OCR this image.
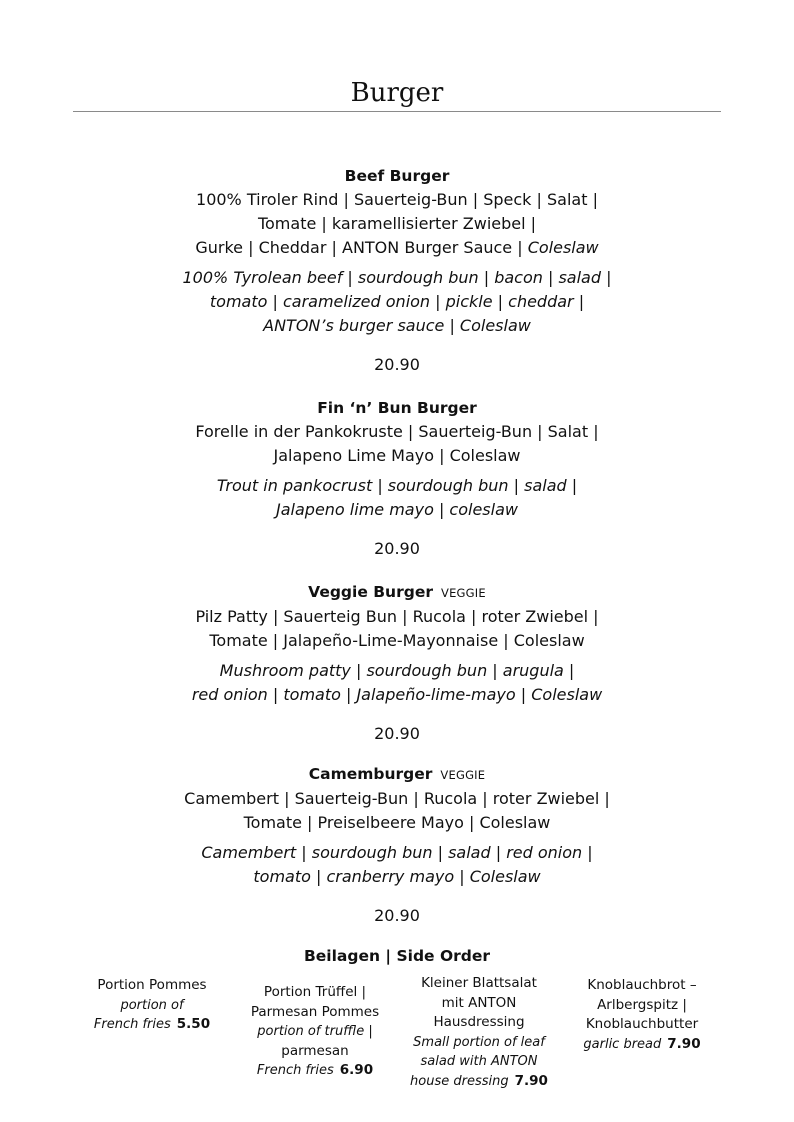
Burger
Beef Burger
100% Tiroler Rind | Sauerteig-Bun | Speck | Salat |
Tomate | karamellisierter Zwiebel |
Gurke | Cheddar | ANTON Burger Sauce | Coleslaw
100% Tyrolean beef | sourdough bun | bacon | salad |
tomato | caramelized onion | pickle | cheddar |
ANTON’s burger sauce | Coleslaw
20.90
Fin ‘n’ Bun Burger
Forelle in der Pankokruste | Sauerteig-Bun | Salat |
Jalapeno Lime Mayo | Coleslaw
Trout in pankocrust | sourdough bun | salad |
Jalapeno lime mayo | coleslaw
20.90
Veggie Burger VEGGIE
Pilz Patty | Sauerteig Bun | Rucola | roter Zwiebel |
Tomate | Jalapeño-Lime-Mayonnaise | Coleslaw
Mushroom patty | sourdough bun | arugula |
red onion | tomato | Jalapeño-lime-mayo | Coleslaw
20.90
Camemburger VEGGIE
Camembert | Sauerteig-Bun | Rucola | roter Zwiebel |
Tomate | Preiselbeere Mayo | Coleslaw
Camembert | sourdough bun | salad | red onion |
tomato | cranberry mayo | Coleslaw
20.90
Beilagen | Side Order
Portion Pommes
portion of
French fries 5.50
Portion Trüffel |
Parmesan Pommes
portion of truffle |
parmesan
French fries 6.90
Kleiner Blattsalat
mit ANTON
Hausdressing
Small portion of leaf
salad with ANTON
house dressing 7.90
Knoblauchbrot –
Arlbergspitz |
Knoblauchbutter
garlic bread 7.90
